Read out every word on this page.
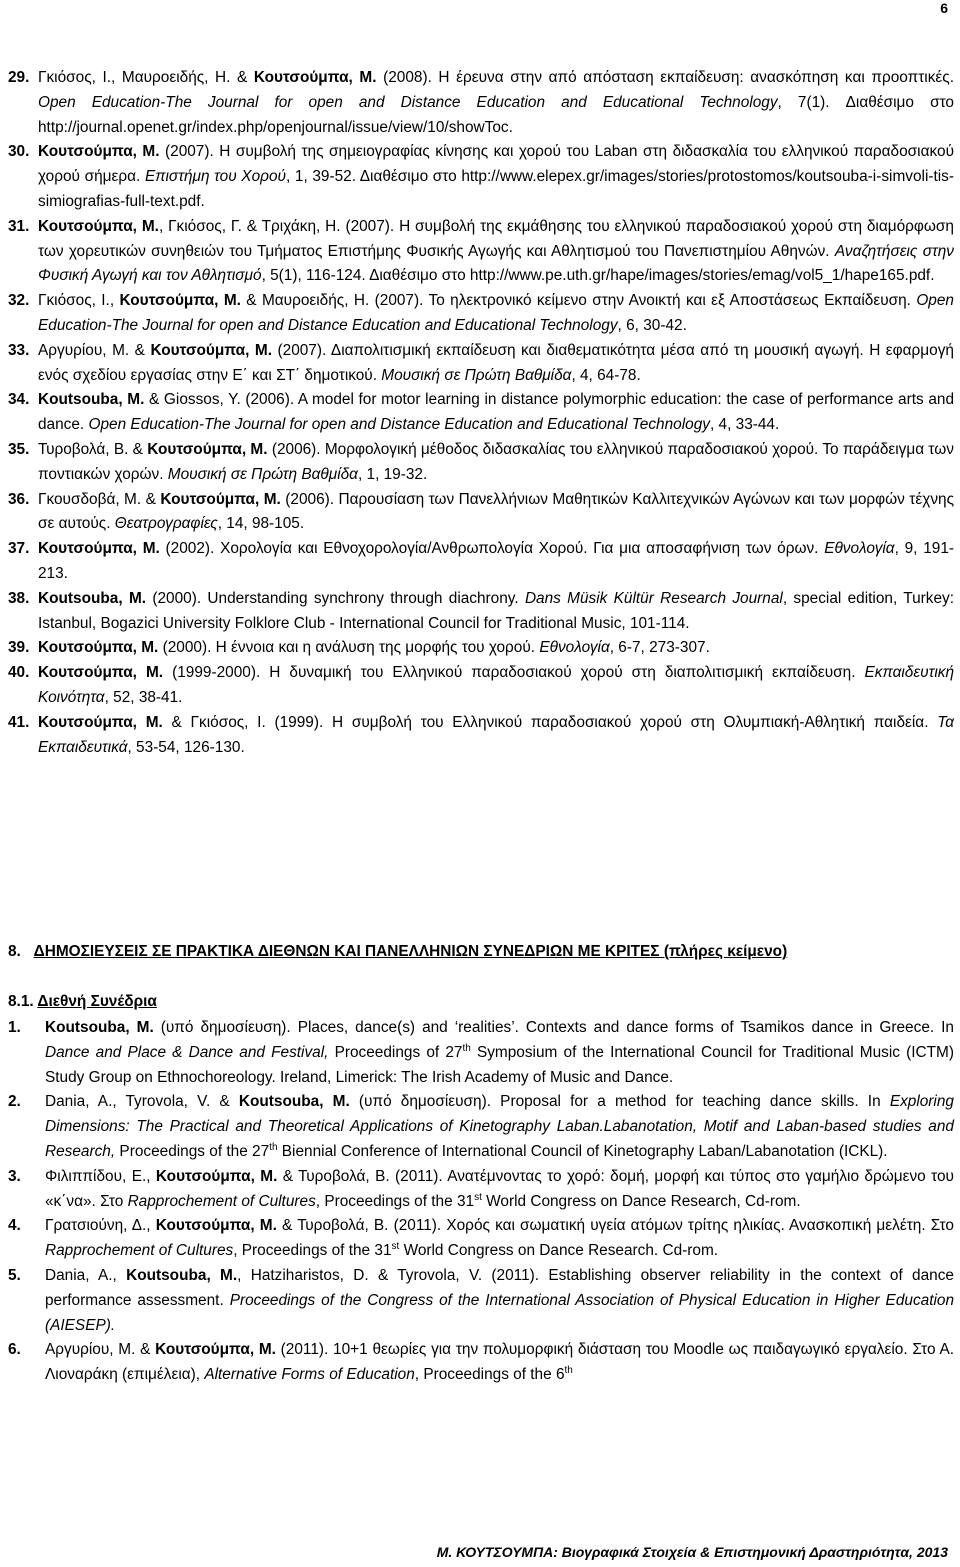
6
29. Γκιόσος, Ι., Μαυροειδής, Η. & Κουτσούμπα, Μ. (2008). Η έρευνα στην από απόσταση εκπαίδευση: ανασκόπηση και προοπτικές. Open Education-The Journal for open and Distance Education and Educational Technology, 7(1). Διαθέσιμο στο http://journal.openet.gr/index.php/openjournal/issue/view/10/showToc.
30. Κουτσούμπα, Μ. (2007). Η συμβολή της σημειογραφίας κίνησης και χορού του Laban στη διδασκαλία του ελληνικού παραδοσιακού χορού σήμερα. Επιστήμη του Χορού, 1, 39-52. Διαθέσιμο στο http://www.elepex.gr/images/stories/protostomos/koutsouba-i-simvoli-tis-simiografias-full-text.pdf.
31. Κουτσούμπα, Μ., Γκιόσος, Γ. & Τριχάκη, Η. (2007). Η συμβολή της εκμάθησης του ελληνικού παραδοσιακού χορού στη διαμόρφωση των χορευτικών συνηθειών του Τμήματος Επιστήμης Φυσικής Αγωγής και Αθλητισμού του Πανεπιστημίου Αθηνών. Αναζητήσεις στην Φυσική Αγωγή και τον Αθλητισμό, 5(1), 116-124. Διαθέσιμο στο http://www.pe.uth.gr/hape/images/stories/emag/vol5_1/hape165.pdf.
32. Γκιόσος, Ι., Κουτσούμπα, Μ. & Μαυροειδής, Η. (2007). Το ηλεκτρονικό κείμενο στην Ανοικτή και εξ Αποστάσεως Εκπαίδευση. Open Education-The Journal for open and Distance Education and Educational Technology, 6, 30-42.
33. Αργυρίου, Μ. & Κουτσούμπα, Μ. (2007). Διαπολιτισμική εκπαίδευση και διαθεματικότητα μέσα από τη μουσική αγωγή. Η εφαρμογή ενός σχεδίου εργασίας στην Ε΄ και ΣΤ΄ δημοτικού. Μουσική σε Πρώτη Βαθμίδα, 4, 64-78.
34. Koutsouba, M. & Giossos, Y. (2006). A model for motor learning in distance polymorphic education: the case of performance arts and dance. Open Education-The Journal for open and Distance Education and Educational Technology, 4, 33-44.
35. Τυροβολά, Β. & Κουτσούμπα, Μ. (2006). Μορφολογική μέθοδος διδασκαλίας του ελληνικού παραδοσιακού χορού. Το παράδειγμα των ποντιακών χορών. Μουσική σε Πρώτη Βαθμίδα, 1, 19-32.
36. Γκουσδοβά, Μ. & Κουτσούμπα, Μ. (2006). Παρουσίαση των Πανελλήνιων Μαθητικών Καλλιτεχνικών Αγώνων και των μορφών τέχνης σε αυτούς. Θεατρογραφίες, 14, 98-105.
37. Κουτσούμπα, Μ. (2002). Χορολογία και Εθνοχορολογία/Ανθρωπολογία Χορού. Για μια αποσαφήνιση των όρων. Εθνολογία, 9, 191-213.
38. Koutsouba, M. (2000). Understanding synchrony through diachrony. Dans Müsik Kültür Research Journal, special edition, Turkey: Istanbul, Bogazici University Folklore Club - International Council for Traditional Music, 101-114.
39. Κουτσούμπα, Μ. (2000). Η έννοια και η ανάλυση της μορφής του χορού. Εθνολογία, 6-7, 273-307.
40. Κουτσούμπα, Μ. (1999-2000). Η δυναμική του Ελληνικού παραδοσιακού χορού στη διαπολιτισμική εκπαίδευση. Εκπαιδευτική Κοινότητα, 52, 38-41.
41. Κουτσούμπα, Μ. & Γκιόσος, Ι. (1999). Η συμβολή του Ελληνικού παραδοσιακού χορού στη Ολυμπιακή-Αθλητική παιδεία. Τα Εκπαιδευτικά, 53-54, 126-130.
8. ΔΗΜΟΣΙΕΥΣΕΙΣ ΣΕ ΠΡΑΚΤΙΚΑ ΔΙΕΘΝΩΝ ΚΑΙ ΠΑΝΕΛΛΗΝΙΩΝ ΣΥΝΕΔΡΙΩΝ ΜΕ ΚΡΙΤΕΣ (πλήρες κείμενο)
8.1. Διεθνή Συνέδρια
1. Koutsouba, M. (υπό δημοσίευση). Places, dance(s) and ‘realities’. Contexts and dance forms of Tsamikos dance in Greece. In Dance and Place & Dance and Festival, Proceedings of 27th Symposium of the International Council for Traditional Music (ICTM) Study Group on Ethnochoreology. Ireland, Limerick: The Irish Academy of Music and Dance.
2. Dania, A., Tyrovola, V. & Koutsouba, M. (υπό δημοσίευση). Proposal for a method for teaching dance skills. In Exploring Dimensions: The Practical and Theoretical Applications of Kinetography Laban.Labanotation, Motif and Laban-based studies and Research, Proceedings of the 27th Biennial Conference of International Council of Kinetography Laban/Labanotation (ICKL).
3. Φιλιππίδου, Ε., Κουτσούμπα, Μ. & Τυροβολά, Β. (2011). Ανατέμνοντας το χορό: δομή, μορφή και τύπος στο γαμήλιο δρώμενο του «κ΄να». Στο Rapprochement of Cultures, Proceedings of the 31st World Congress on Dance Research, Cd-rom.
4. Γρατσιούνη, Δ., Κουτσούμπα, Μ. & Τυροβολά, Β. (2011). Χορός και σωματική υγεία ατόμων τρίτης ηλικίας. Ανασκοπική μελέτη. Στο Rapprochement of Cultures, Proceedings of the 31st World Congress on Dance Research. Cd-rom.
5. Dania, A., Koutsouba, M., Hatziharistos, D. & Tyrovola, V. (2011). Establishing observer reliability in the context of dance performance assessment. Proceedings of the Congress of the International Association of Physical Education in Higher Education (AIESEP).
6. Αργυρίου, Μ. & Κουτσούμπα, Μ. (2011). 10+1 θεωρίες για την πολυμορφική διάσταση του Moodle ως παιδαγωγικό εργαλείο. Στο Α. Λιοναράκη (επιμέλεια), Alternative Forms of Education, Proceedings of the 6th
Μ. ΚΟΥΤΣΟΥΜΠΑ: Βιογραφικά Στοιχεία & Επιστημονική Δραστηριότητα, 2013
